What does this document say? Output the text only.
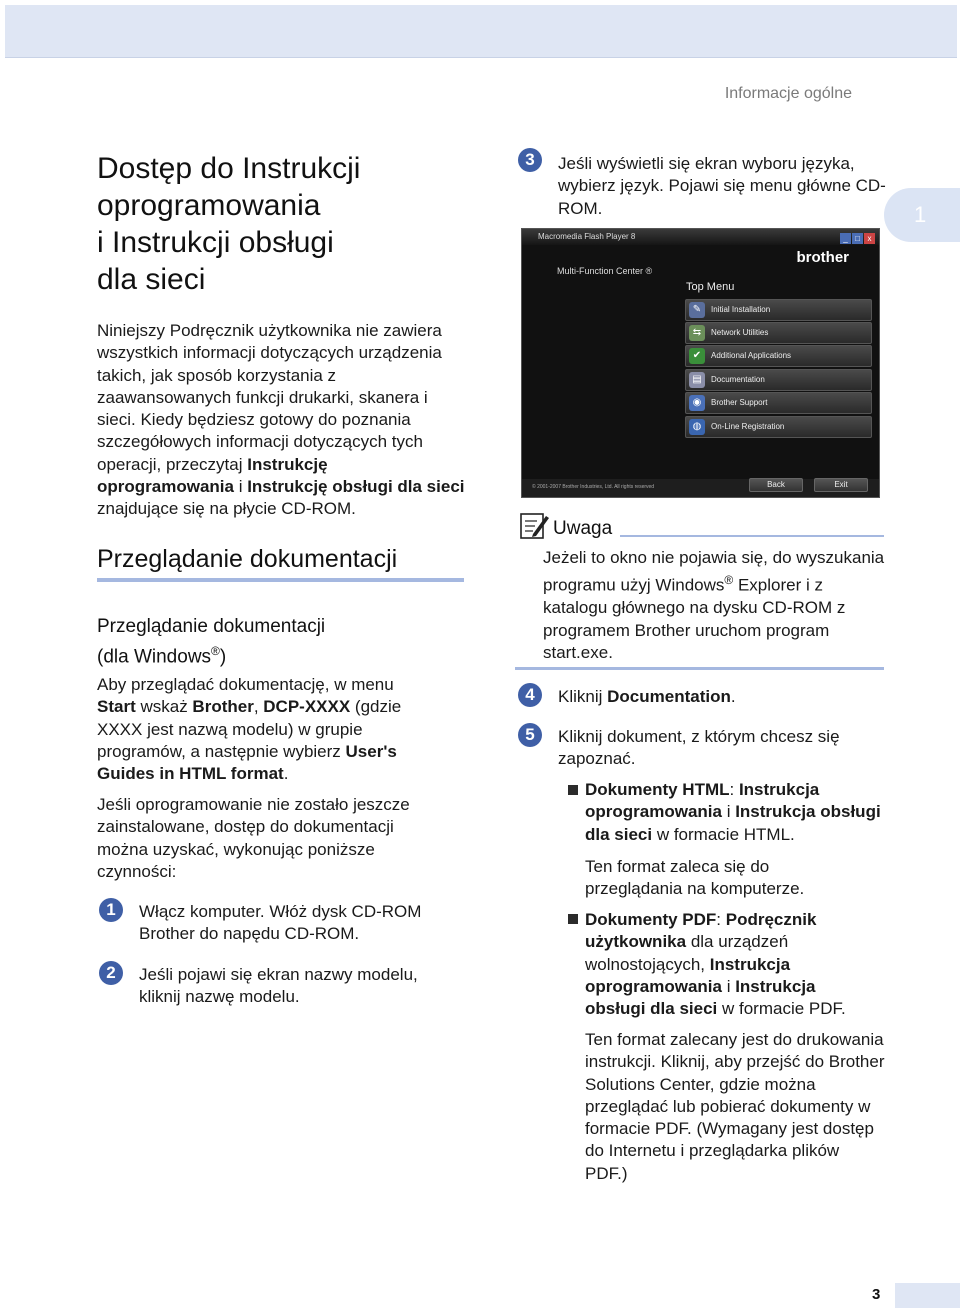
Informacje ogólne
1
Dostęp do Instrukcji
oprogramowania
i Instrukcji obsługi
dla sieci
Niniejszy Podręcznik użytkownika nie zawiera wszystkich informacji dotyczących urządzenia takich, jak sposób korzystania z zaawansowanych funkcji drukarki, skanera i sieci. Kiedy będziesz gotowy do poznania szczegółowych informacji dotyczących tych operacji, przeczytaj Instrukcję oprogramowania i Instrukcję obsługi dla sieci znajdujące się na płycie CD-ROM.
Przeglądanie dokumentacji
Przeglądanie dokumentacji
(dla Windows®)
Aby przeglądać dokumentację, w menu Start wskaż Brother, DCP-XXXX (gdzie XXXX jest nazwą modelu) w grupie programów, a następnie wybierz User's Guides in HTML format.
Jeśli oprogramowanie nie zostało jeszcze zainstalowane, dostęp do dokumentacji można uzyskać, wykonując poniższe czynności:
1	Włącz komputer. Włóż dysk CD-ROM Brother do napędu CD-ROM.
2	Jeśli pojawi się ekran nazwy modelu, kliknij nazwę modelu.
3	Jeśli wyświetli się ekran wyboru języka, wybierz język. Pojawi się menu główne CD-ROM.
Macromedia Flash Player 8	_ □ x
Multi-Function Center ®
brother
Top Menu
✎	Initial Installation
⇆	Network Utilities
✔	Additional Applications
▤	Documentation
◉	Brother Support
◍	On-Line Registration
© 2001-2007 Brother Industries, Ltd. All rights reserved	Back	Exit
Uwaga
Jeżeli to okno nie pojawia się, do wyszukania programu użyj Windows® Explorer i z katalogu głównego na dysku CD-ROM z programem Brother uruchom program start.exe.
4	Kliknij Documentation.
5	Kliknij dokument, z którym chcesz się zapoznać.
Dokumenty HTML: Instrukcja oprogramowania i Instrukcja obsługi dla sieci w formacie HTML.
Ten format zaleca się do przeglądania na komputerze.
Dokumenty PDF: Podręcznik użytkownika dla urządzeń wolnostojących, Instrukcja oprogramowania i Instrukcja obsługi dla sieci w formacie PDF.
Ten format zalecany jest do drukowania instrukcji. Kliknij, aby przejść do Brother Solutions Center, gdzie można przeglądać lub pobierać dokumenty w formacie PDF. (Wymagany jest dostęp do Internetu i przeglądarka plików PDF.)
3
